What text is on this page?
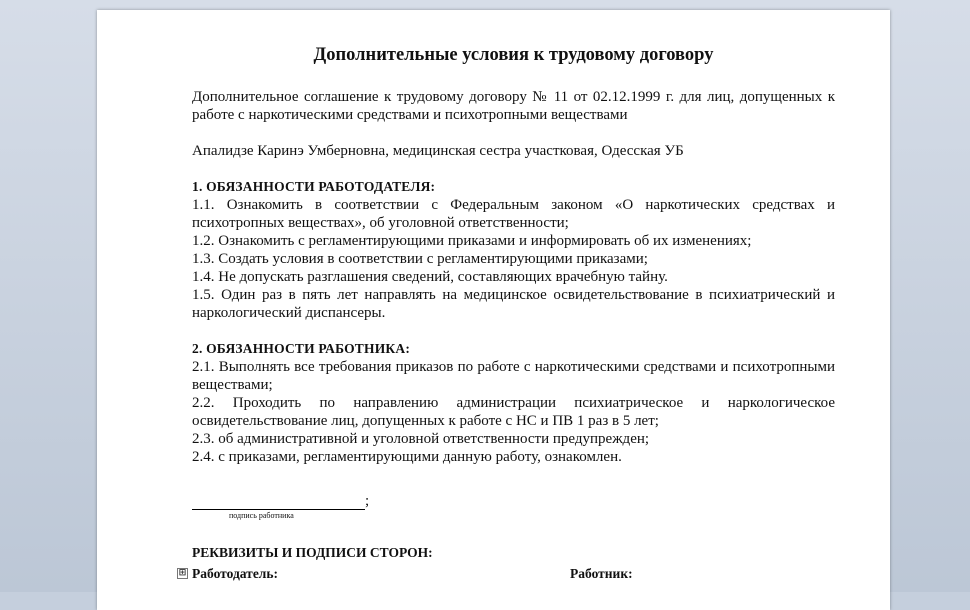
Дополнительные условия к трудовому договору

Дополнительное соглашение к трудовому договору № 11 от 02.12.1999 г. для лиц, допущенных к работе с наркотическими средствами и психотропными веществами

Апалидзе Каринэ Умберновна, медицинская сестра участковая, Одесская УБ

1. ОБЯЗАННОСТИ РАБОТОДАТЕЛЯ:

1.1. Ознакомить в соответствии с Федеральным законом «О наркотических средствах и психотропных веществах», об уголовной ответственности;

1.2. Ознакомить с регламентирующими приказами и информировать об их изменениях;

1.3. Создать условия в соответствии с регламентирующими приказами;

1.4. Не допускать разглашения сведений, составляющих врачебную тайну.

1.5. Один раз в пять лет направлять на медицинское освидетельствование в психиатрический и наркологический диспансеры.

2. ОБЯЗАННОСТИ РАБОТНИКА:

2.1. Выполнять все требования приказов по работе с наркотическими средствами и психотропными веществами;

2.2. Проходить по направлению администрации психиатрическое и наркологическое освидетельствование лиц, допущенных к работе с НС и ПВ 1 раз в 5 лет;

2.3. об административной и уголовной ответственности предупрежден;

2.4. с приказами, регламентирующими данную работу, ознакомлен.

;
подпись работника
РЕКВИЗИТЫ И ПОДПИСИ СТОРОН:
⊞ Работодатель:	Работник:
